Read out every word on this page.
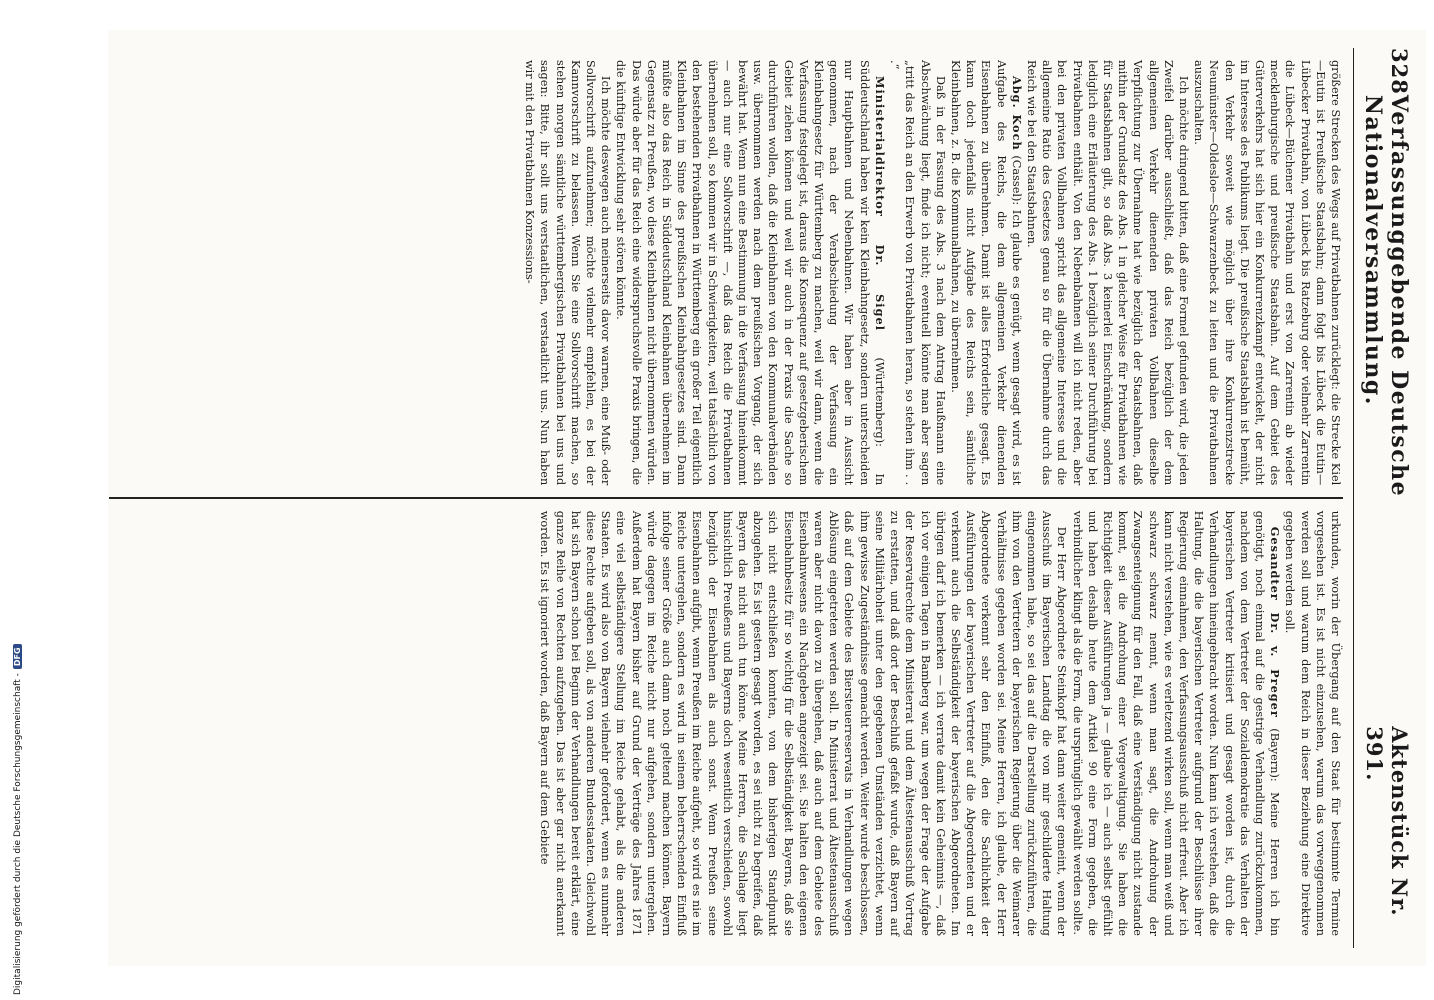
Digitalisierung gefördert durch die Deutsche Forschungsgemeinschaft -DFG
328
Verfassunggebende Deutsche Nationalversammlung.
Aktenstück Nr. 391.

größere Strecken des Wegs auf Privatbahnen zurücklegt: die Strecke Kiel—Eutin ist Preußische Staatsbahn; dann folgt bis Lübeck die Eutin—Lübecker Privatbahn, von Lübeck bis Ratzeburg oder vielmehr Zarrentin die Lübeck—Büchener Privatbahn und erst von Zarrentin ab wieder mecklenburgische und preußische Staatsbahn. Auf dem Gebiet des Güterverkehrs hat sich hier ein Konkurrenzkampf entwickelt, der nicht im Interesse des Publikums liegt. Die preußische Staatsbahn ist bemüht, den Verkehr soweit wie möglich über ihre Konkurrenzstrecke Neumünster—Oldesloe—Schwarzenbeck zu leiten und die Privatbahnen auszuschalten.

Ich möchte dringend bitten, daß eine Formel gefunden wird, die jeden Zweifel darüber ausschließt, daß das Reich bezüglich der dem allgemeinen Verkehr dienenden privaten Vollbahnen dieselbe Verpflichtung zur Übernahme hat wie bezüglich der Staatsbahnen, daß mithin der Grundsatz des Abs. 1 in gleicher Weise für Privatbahnen wie für Staatsbahnen gilt, so daß Abs. 3 keinerlei Einschränkung, sondern lediglich eine Erläuterung des Abs. 1 bezüglich seiner Durchführung bei Privatbahnen enthält. Von den Nebenbahnen will ich nicht reden, aber bei den privaten Vollbahnen spricht das allgemeine Interesse und die allgemeine Ratio des Gesetzes genau so für die Übernahme durch das Reich wie bei den Staatsbahnen.

Abg. Koch (Cassel): Ich glaube es genügt, wenn gesagt wird, es ist Aufgabe des Reichs, die dem allgemeinen Verkehr dienenden Eisenbahnen zu übernehmen. Damit ist alles Erforderliche gesagt. Es kann doch jedenfalls nicht Aufgabe des Reichs sein, sämtliche Kleinbahnen, z. B. die Kommunalbahnen, zu übernehmen.

Daß in der Fassung des Abs. 3 nach dem Antrag Haußmann eine Abschwächung liegt, finde ich nicht; eventuell könnte man aber sagen „tritt das Reich an den Erwerb von Privatbahnen heran, so stehen ihm . . .“

Ministerialdirektor Dr. Sigel (Württemberg): In Süddeutschland haben wir kein Kleinbahngesetz, sondern unterscheiden nur Hauptbahnen und Nebenbahnen. Wir haben aber in Aussicht genommen, nach der Verabschiedung der Verfassung ein Kleinbahngesetz für Württemberg zu machen, weil wir dann, wenn die Verfassung festgelegt ist, daraus die Konsequenz auf gesetzgeberischem Gebiet ziehen können und weil wir auch in der Praxis die Sache so durchführen wollen, daß die Kleinbahnen von den Kommunalverbänden usw. übernommen werden nach dem preußischen Vorgang, der sich bewährt hat. Wenn nun eine Bestimmung in die Verfassung hineinkommt — auch nur eine Sollvorschrift —, daß das Reich die Privatbahnen übernehmen soll, so kommen wir in Schwierigkeiten, weil tatsächlich von den bestehenden Privatbahnen in Württemberg ein großer Teil eigentlich Kleinbahnen im Sinne des preußischen Kleinbahngesetzes sind. Dann müßte also das Reich in Süddeutschland Kleinbahnen übernehmen im Gegensatz zu Preußen, wo diese Kleinbahnen nicht übernommen würden. Das würde aber für das Reich eine widerspruchsvolle Praxis bringen, die die künftige Entwicklung sehr stören könnte.

Ich möchte deswegen auch meinerseits davor warnen, eine Muß- oder Sollvorschrift aufzunehmen; möchte vielmehr empfehlen, es bei der Kannvorschrift zu belassen. Wenn Sie eine Sollvorschrift machen, so stehen morgen sämtliche württembergischen Privatbahnen bei uns und sagen: Bitte, ihr sollt uns verstaatlichen, verstaatlicht uns. Nun haben wir mit den Privatbahnen Konzessions-

urkunden, worin der Übergang auf den Staat für bestimmte Termine vorgesehen ist. Es ist nicht einzusehen, warum das vorweggenommen werden soll und warum dem Reich in dieser Beziehung eine Direktive gegeben werden soll.

Gesandter Dr. v. Preger (Bayern): Meine Herren ich bin genötigt, noch einmal auf die gestrige Verhandlung zurückzukommen, nachdem von dem Vertreter der Sozialdemokratie das Verhalten der bayerischen Vertreter kritisiert und gesagt worden ist, durch die Verhandlungen hineingebracht worden. Nun kann ich verstehen, daß die Haltung, die die bayerischen Vertreter aufgrund der Beschlüsse ihrer Regierung einnahmen, den Verfassungsausschuß nicht erfreut. Aber ich kann nicht verstehen, wie es verletzend wirken soll, wenn man weiß und schwarz schwarz nennt, wenn man sagt, die Androhung der Zwangsenteignung für den Fall, daß eine Verständigung nicht zustande kommt, sei die Androhung einer Vergewaltigung. Sie haben die Richtigkeit dieser Ausführungen ja — glaube ich — auch selbst gefühlt und haben deshalb heute dem Artikel 90 eine Form gegeben, die verbindlicher klingt als die Form, die ursprünglich gewählt werden sollte.

Der Herr Abgeordnete Steinkopf hat dann weiter gemeint, wenn der Ausschuß im Bayerischen Landtag die von mir geschilderte Haltung eingenommen habe, so sei das auf die Darstellung zurückzuführen, die ihm von den Vertretern der bayerischen Regierung über die Weimarer Verhältnisse gegeben worden sei. Meine Herren, ich glaube, der Herr Abgeordnete verkennt sehr den Einfluß, den die Sachlichkeit der Ausführungen der bayerischen Vertreter auf die Abgeordneten und er verkennt auch die Selbständigkeit der bayerischen Abgeordneten. Im übrigen darf ich bemerken — ich verrate damit kein Geheimnis —, daß ich vor einigen Tagen in Bamberg war, um wegen der Frage der Aufgabe der Reservatrechte dem Ministerrat und dem Ältestenausschuß Vortrag zu erstatten, und daß dort der Beschluß gefaßt wurde, daß Bayern auf seine Militärhoheit unter den gegebenen Umständen verzichtet, wenn ihm gewisse Zugeständnisse gemacht werden. Weiter wurde beschlossen, daß auf dem Gebiete des Biersteuerreservats in Verhandlungen wegen Ablösung eingetreten werden soll. In Ministerrat und Ältestenausschuß waren aber nicht davon zu übergehen, daß auch auf dem Gebiete des Eisenbahnwesens ein Nachgeben angezeigt sei. Sie halten den eigenen Eisenbahnbesitz für so wichtig für die Selbständigkeit Bayerns, daß sie sich nicht entschließen konnten, von dem bisherigen Standpunkt abzugehen. Es ist gestern gesagt worden, es sei nicht zu begreifen, daß Bayern das nicht auch tun könne. Meine Herren, die Sachlage liegt hinsichtlich Preußens und Bayerns doch wesentlich verschieden, sowohl bezüglich der Eisenbahnen als auch sonst. Wenn Preußen seine Eisenbahnen aufgibt, wenn Preußen im Reiche aufgeht, so wird es nie im Reiche untergehen, sondern es wird in seinem beherrschenden Einfluß infolge seiner Größe auch dann noch geltend machen können. Bayern würde dagegen im Reiche nicht nur aufgehen, sondern untergehen. Außerdem hat Bayern bisher auf Grund der Verträge des Jahres 1871 eine viel selbständigere Stellung im Reiche gehabt, als die anderen Staaten. Es wird also von Bayern vielmehr gefordert, wenn es nunmehr diese Rechte aufgeben soll, als von anderen Bundesstaaten. Gleichwohl hat sich Bayern schon bei Beginn der Verhandlungen bereit erklärt, eine ganze Reihe von Rechten aufzugeben. Das ist aber gar nicht anerkannt worden. Es ist ignoriert worden, daß Bayern auf dem Gebiete
